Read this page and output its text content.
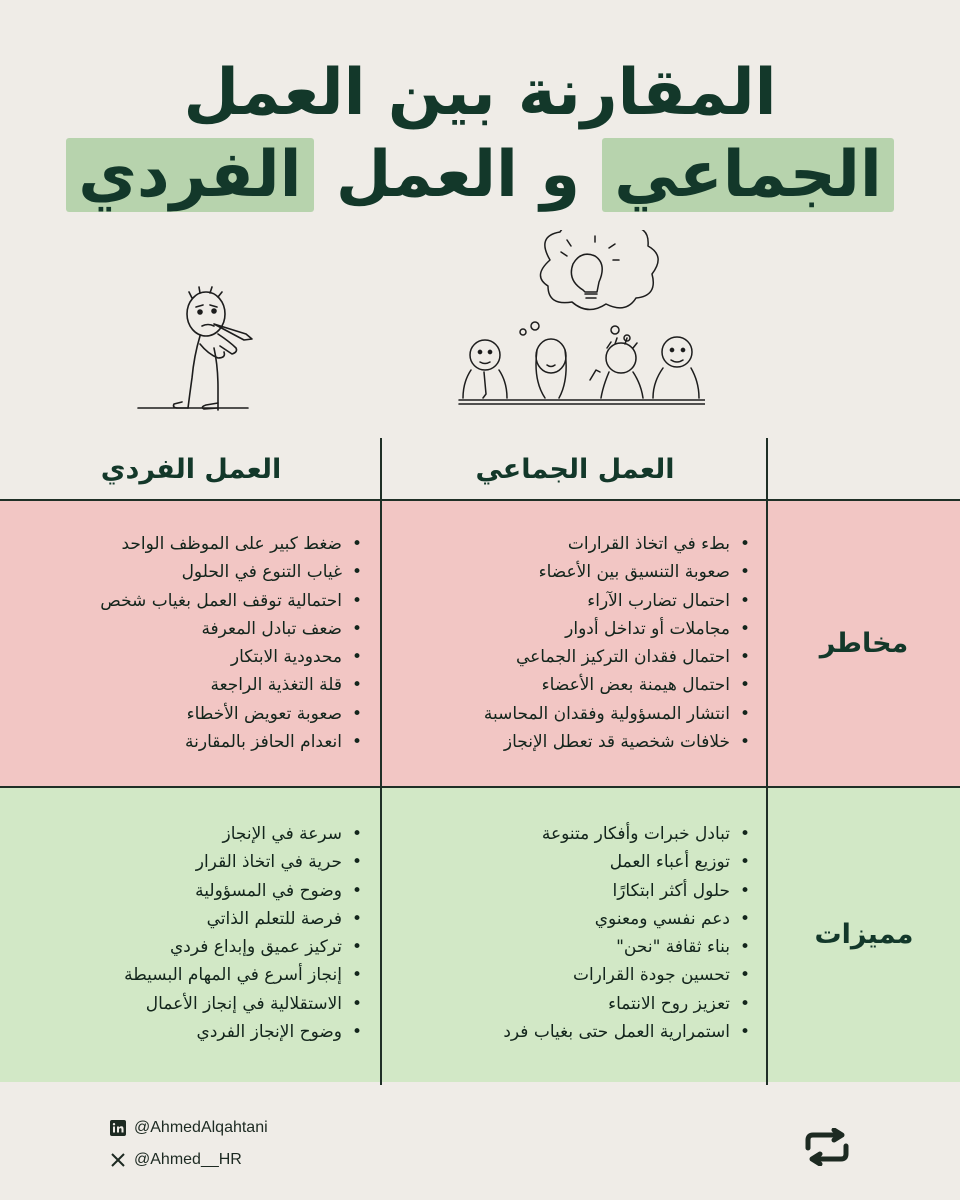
المقارنة بين العمل
الجماعي و العمل الفردي
العمل الجماعي
العمل الفردي
مخاطر
مميزات
• بطء في اتخاذ القرارات
• صعوبة التنسيق بين الأعضاء
• احتمال تضارب الآراء
• مجاملات أو تداخل أدوار
• احتمال فقدان التركيز الجماعي
• احتمال هيمنة بعض الأعضاء
• انتشار المسؤولية وفقدان المحاسبة
• خلافات شخصية قد تعطل الإنجاز
• ضغط كبير على الموظف الواحد
• غياب التنوع في الحلول
• احتمالية توقف العمل بغياب شخص
• ضعف تبادل المعرفة
• محدودية الابتكار
• قلة التغذية الراجعة
• صعوبة تعويض الأخطاء
• انعدام الحافز بالمقارنة
• تبادل خبرات وأفكار متنوعة
• توزيع أعباء العمل
• حلول أكثر ابتكارًا
• دعم نفسي ومعنوي
• بناء ثقافة "نحن"
• تحسين جودة القرارات
• تعزيز روح الانتماء
• استمرارية العمل حتى بغياب فرد
• سرعة في الإنجاز
• حرية في اتخاذ القرار
• وضوح في المسؤولية
• فرصة للتعلم الذاتي
• تركيز عميق وإبداع فردي
• إنجاز أسرع في المهام البسيطة
• الاستقلالية في إنجاز الأعمال
• وضوح الإنجاز الفردي
@AhmedAlqahtani
@Ahmed__HR
